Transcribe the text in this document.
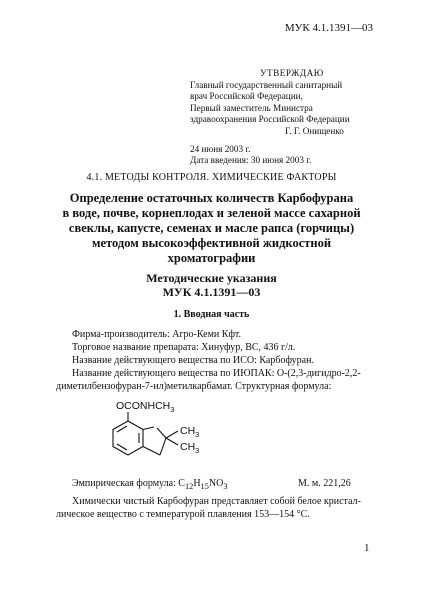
МУК 4.1.1391—03
УТВЕРЖДАЮ
Главный государственный санитарный
врач Российской Федерации,
Первый заместитель Министра
здравоохранения Российской Федерации
Г. Г. Онищенко
24 июня 2003 г.
Дата введения: 30 июня 2003 г.
4.1. МЕТОДЫ КОНТРОЛЯ. ХИМИЧЕСКИЕ ФАКТОРЫ
Определение остаточных количеств Карбофурана
в воде, почве, корнеплодах и зеленой массе сахарной
свеклы, капусте, семенах и масле рапса (горчицы)
методом высокоэффективной жидкостной
хроматографии
Методические указания
МУК 4.1.1391—03
1. Вводная часть
Фирма-производитель: Агро-Кеми Кфт.
Торговое название препарата: Хинуфур, ВС, 436 г/л.
Название действующего вещества по ИСО: Карбофуран.
Название действующего вещества по ИЮПАК: О-(2,3-дигидро-2,2-
диметилбензофуран-7-ил)метилкарбамат. Структурная формула:
$OCONHCH_3$
$CH_3$
$CH_3$
Эмпирическая формула: $C_{12}H_{15}NO_3$	М. м. 221,26
Химически чистый Карбофуран представляет собой белое кристал-
лическое вещество с температурой плавления 153—154 °С.
1
